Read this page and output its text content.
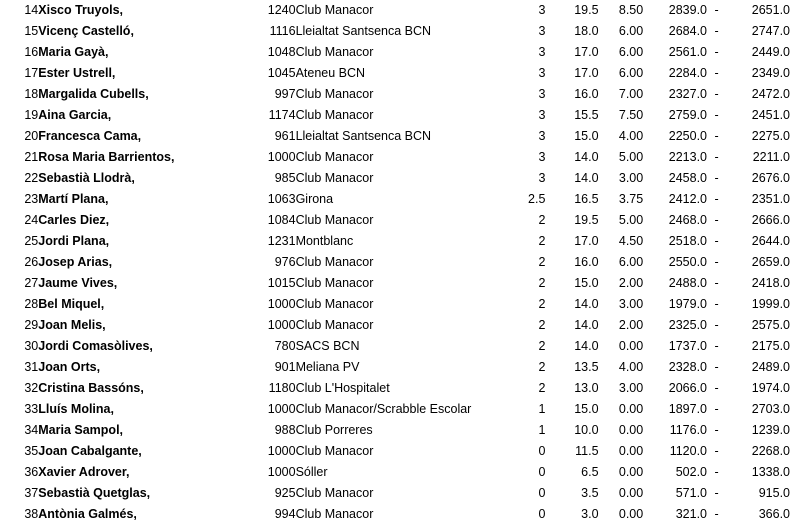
14	Xisco Truyols,	1240	Club Manacor	3	19.5	8.50	2839.0	-	2651.0
15	Vicenç Castelló,	1116	Lleialtat Santsenca BCN	3	18.0	6.00	2684.0	-	2747.0
16	Maria Gayà,	1048	Club Manacor	3	17.0	6.00	2561.0	-	2449.0
17	Ester Ustrell,	1045	Ateneu BCN	3	17.0	6.00	2284.0	-	2349.0
18	Margalida Cubells,	997	Club Manacor	3	16.0	7.00	2327.0	-	2472.0
19	Aina Garcia,	1174	Club Manacor	3	15.5	7.50	2759.0	-	2451.0
20	Francesca Cama,	961	Lleialtat Santsenca BCN	3	15.0	4.00	2250.0	-	2275.0
21	Rosa Maria Barrientos,	1000	Club Manacor	3	14.0	5.00	2213.0	-	2211.0
22	Sebastià Llodrà,	985	Club Manacor	3	14.0	3.00	2458.0	-	2676.0
23	Martí Plana,	1063	Girona	2.5	16.5	3.75	2412.0	-	2351.0
24	Carles Diez,	1084	Club Manacor	2	19.5	5.00	2468.0	-	2666.0
25	Jordi Plana,	1231	Montblanc	2	17.0	4.50	2518.0	-	2644.0
26	Josep Arias,	976	Club Manacor	2	16.0	6.00	2550.0	-	2659.0
27	Jaume Vives,	1015	Club Manacor	2	15.0	2.00	2488.0	-	2418.0
28	Bel Miquel,	1000	Club Manacor	2	14.0	3.00	1979.0	-	1999.0
29	Joan Melis,	1000	Club Manacor	2	14.0	2.00	2325.0	-	2575.0
30	Jordi Comasòlives,	780	SACS BCN	2	14.0	0.00	1737.0	-	2175.0
31	Joan Orts,	901	Meliana PV	2	13.5	4.00	2328.0	-	2489.0
32	Cristina Bassóns,	1180	Club L'Hospitalet	2	13.0	3.00	2066.0	-	1974.0
33	Lluís Molina,	1000	Club Manacor/Scrabble Escolar	1	15.0	0.00	1897.0	-	2703.0
34	Maria Sampol,	988	Club Porreres	1	10.0	0.00	1176.0	-	1239.0
35	Joan Cabalgante,	1000	Club Manacor	0	11.5	0.00	1120.0	-	2268.0
36	Xavier Adrover,	1000	Sóller	0	6.5	0.00	502.0	-	1338.0
37	Sebastià Quetglas,	925	Club Manacor	0	3.5	0.00	571.0	-	915.0
38	Antònia Galmés,	994	Club Manacor	0	3.0	0.00	321.0	-	366.0
